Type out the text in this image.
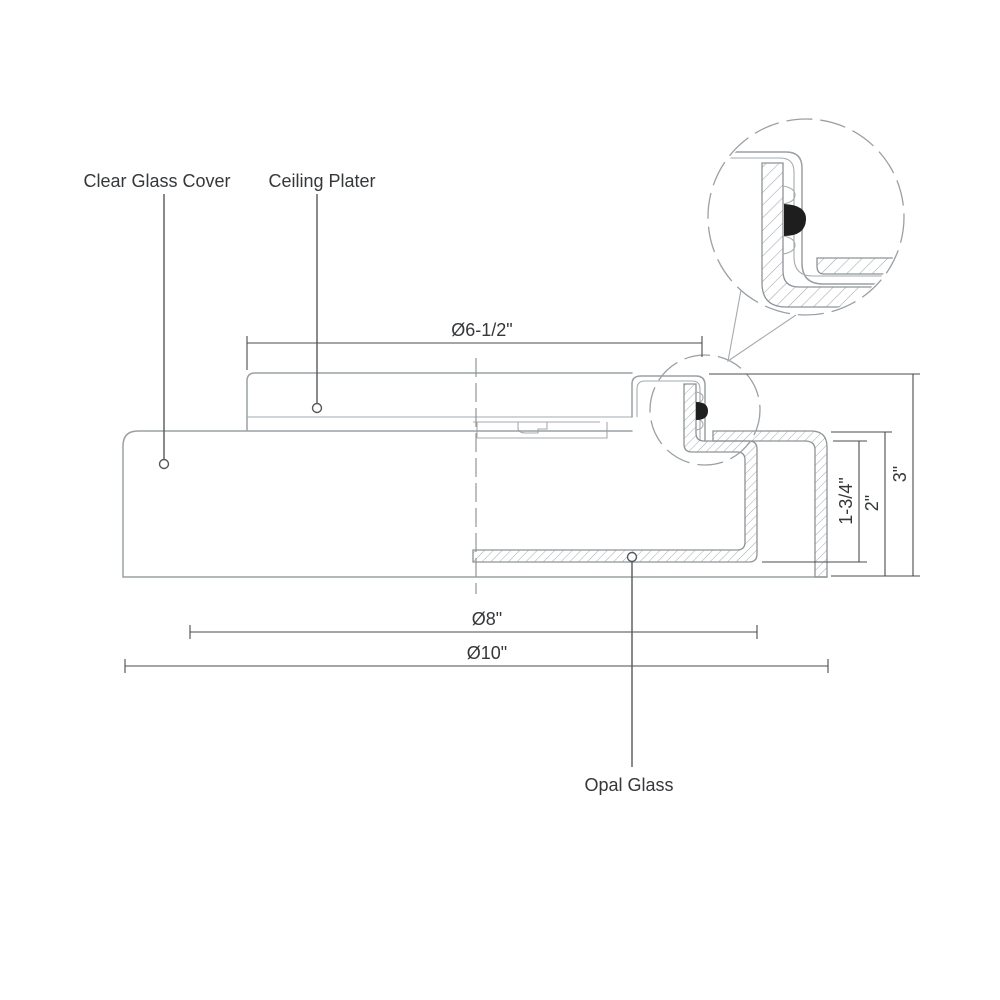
Ø6-1/2"
Ø8"
Ø10"
1-3/4" 2"
3"
Clear Glass Cover Ceiling Plater
Opal Glass
